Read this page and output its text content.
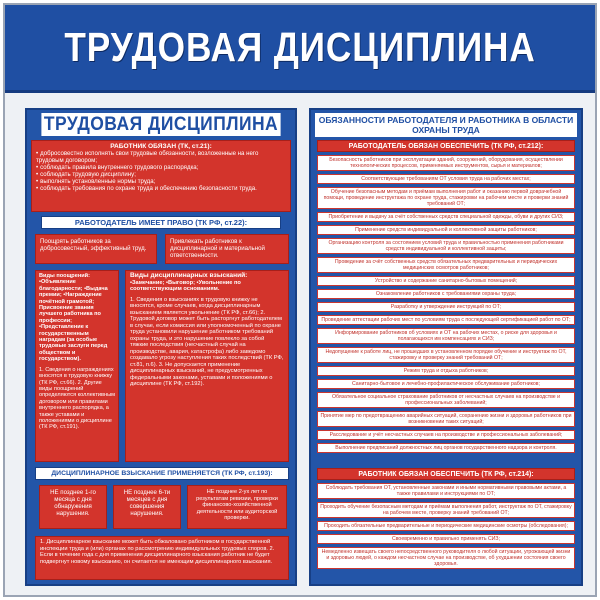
ТРУДОВАЯ ДИСЦИПЛИНА
ТРУДОВАЯ ДИСЦИПЛИНА
РАБОТНИК ОБЯЗАН (ТК, ст.21):
• добросовестно исполнять свои трудовые обязанности, возложенные на него трудовым договором;
• соблюдать правила внутреннего трудового распорядка;
• соблюдать трудовую дисциплину;
• выполнять установленные нормы труда;
• соблюдать требования по охране труда и обеспечению безопасности труда.
РАБОТОДАТЕЛЬ ИМЕЕТ ПРАВО (ТК РФ, ст.22):
Поощрять работников за добросовестный, эффективный труд.
Привлекать работников к дисциплинарной и материальной ответственности.
Виды поощрений:
•Объявление благодарности; •Выдача премии; •Награждение почётной грамотой; Присвоение звания лучшего работника по профессии; •Представление к государственным наградам (за особые трудовые заслуги перед обществом и государством).
1. Сведения о награждениях вносятся в трудовую книжку (ТК РФ, ст.66). 2. Другие виды поощрений определяются коллективным договором или правилами внутреннего распорядка, а также уставами и положениями о дисциплине (ТК РФ, ст.191).
Виды дисциплинарных взысканий:
•Замечание; •Выговор; •Увольнение по соответствующим основаниям.
1. Сведения о взысканиях в трудовую книжку не вносятся, кроме случаев, когда дисциплинарным взысканием является увольнение (ТК РФ, ст.66); 2. Трудовой договор может быть расторгнут работодателем в случае, если комиссия или уполномоченный по охране труда установили нарушение работником требований охраны труда, и это нарушение повлекло за собой тяжкие последствия (несчастный случай на производстве, авария, катастрофа) либо заведомо создавало угрозу наступления таких последствий (ТК РФ, ст.81, п.6). 3. Не допускается применение дисциплинарных взысканий, не предусмотренных федеральными законами, уставами и положениями о дисциплине (ТК РФ, ст.192).
ДИСЦИПЛИНАРНОЕ ВЗЫСКАНИЕ ПРИМЕНЯЕТСЯ (ТК РФ, ст.193):
НЕ позднее 1-го месяца с дня обнаружения нарушения.
НЕ позднее 6-ти месяцев с дня совершения нарушения.
НЕ позднее 2-ух лет по результатам ревизии, проверки финансово-хозяйственной деятельности или аудиторской проверки.
1. Дисциплинарное взыскание может быть обжаловано работником в государственной инспекции труда и (или) органах по рассмотрению индивидуальных трудовых споров. 2. Если в течение года с дня применения дисциплинарного взыскания работник не будет подвергнут новому взысканию, он считается не имеющим дисциплинарного взыскания.
ОБЯЗАННОСТИ РАБОТОДАТЕЛЯ И РАБОТНИКА В ОБЛАСТИ ОХРАНЫ ТРУДА
РАБОТОДАТЕЛЬ ОБЯЗАН ОБЕСПЕЧИТЬ (ТК РФ, ст.212):
Безопасность работников при эксплуатации зданий, сооружений, оборудования, осуществлении технологических процессов, применяемых инструментов, сырья и материалов;
Соответствующие требованиям ОТ условия труда на рабочих местах;
Обучение безопасным методам и приёмам выполнения работ и оказанию первой доврачебной помощи, проведение инструктажа по охране труда, стажировки на рабочем месте и проверки знаний требований ОТ;
Приобретение и выдачу за счёт собственных средств специальной одежды, обуви и других СИЗ;
Применение средств индивидуальной и коллективной защиты работников;
Организацию контроля за состоянием условий труда и правильностью применения работниками средств индивидуальной и коллективной защиты;
Проведение за счёт собственных средств обязательных предварительных и периодических медицинских осмотров работников;
Устройство и содержание санитарно-бытовых помещений;
Ознакомление работников с требованиями охраны труда;
Разработку и утверждение инструкций по ОТ;
Проведение аттестации рабочих мест по условиям труда с последующей сертификацией работ по ОТ;
Информирование работников об условиях и ОТ на рабочих местах, о риске для здоровья и полагающихся им компенсациях и СИЗ;
Недопущение к работе лиц, не прошедших в установленном порядке обучение и инструктаж по ОТ, стажировку и проверку знаний требований ОТ;
Режим труда и отдыха работников;
Санитарно-бытовое и лечебно-профилактическое обслуживание работников;
Обязательное социальное страхование работников от несчастных случаев на производстве и профессиональных заболеваний;
Принятие мер по предотвращению аварийных ситуаций, сохранению жизни и здоровья работников при возникновении таких ситуаций;
Расследование и учёт несчастных случаев на производстве и профессиональных заболеваний;
Выполнение предписаний должностных лиц органов государственного надзора и контроля.
РАБОТНИК ОБЯЗАН ОБЕСПЕЧИТЬ (ТК РФ, ст.214):
Соблюдать требования ОТ, установленные законами и иными нормативными правовыми актами, а также правилами и инструкциями по ОТ;
Проходить обучение безопасным методам и приёмам выполнения работ, инструктаж по ОТ, стажировку на рабочем месте, проверку знаний требований ОТ;
Проходить обязательные предварительные и периодические медицинские осмотры (обследования);
Своевременно и правильно применять СИЗ;
Немедленно извещать своего непосредственного руководителя о любой ситуации, угрожающей жизни и здоровью людей, о каждом несчастном случае на производстве, об ухудшении состояния своего здоровья.
